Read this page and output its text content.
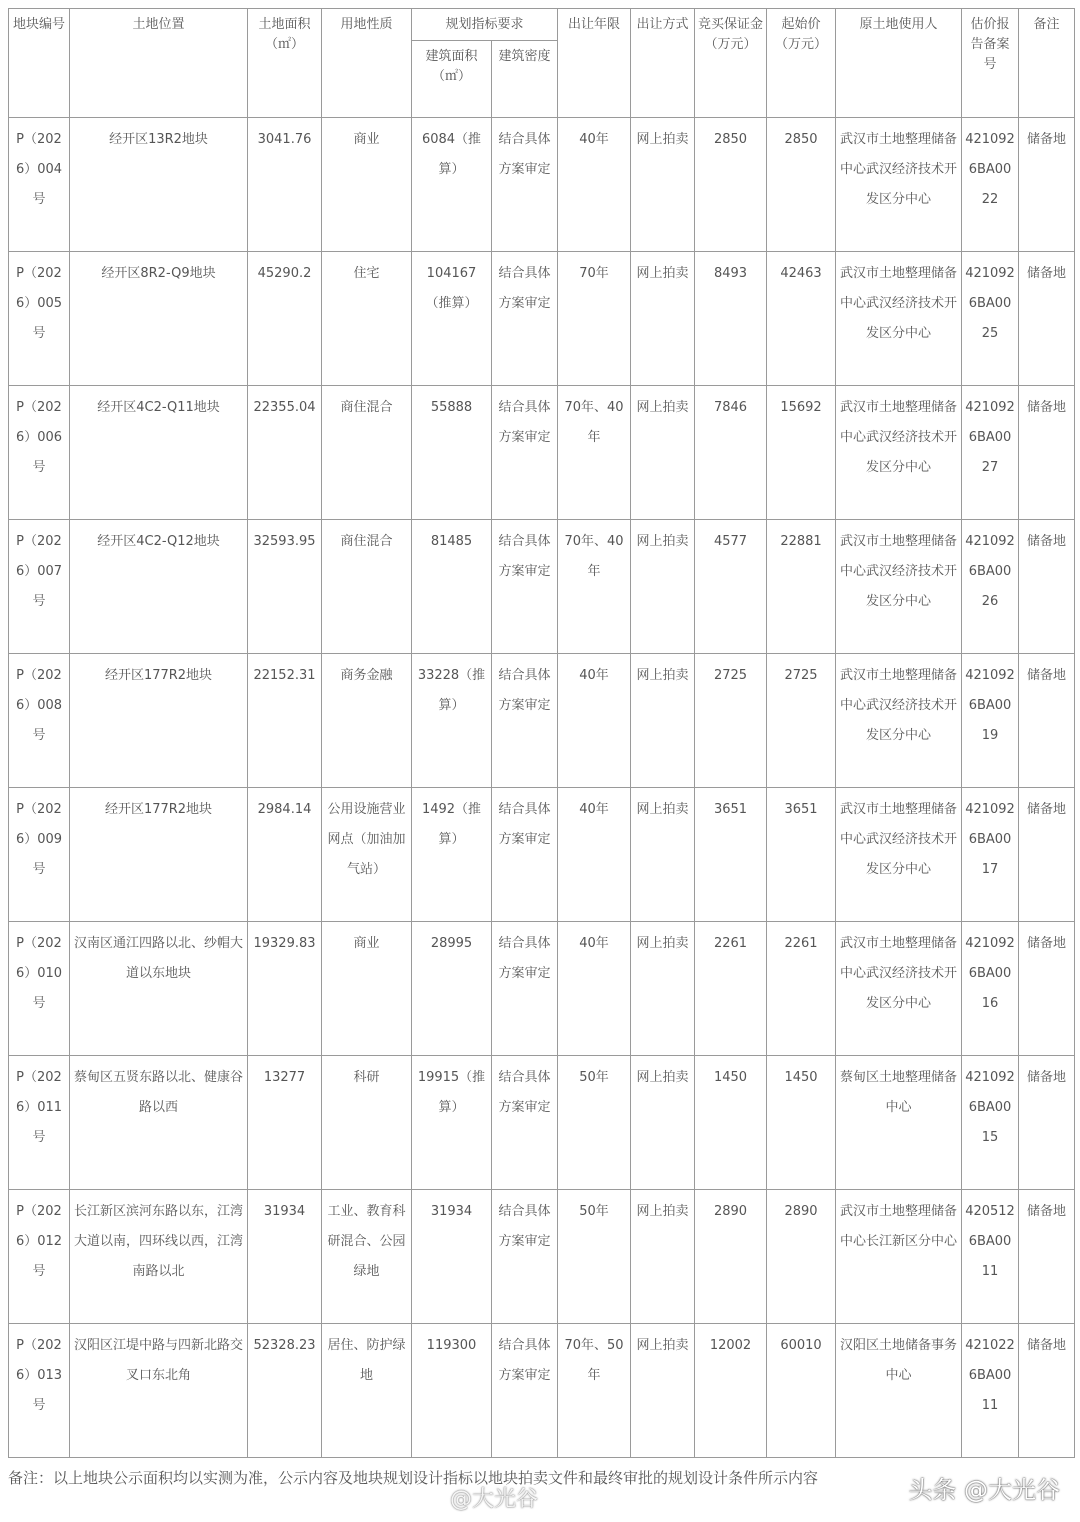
地块编号	土地位置	土地面积（㎡）	用地性质	规划指标要求		出让年限	出让方式	竞买保证金（万元）	起始价（万元）	原土地使用人	估价报告备案号	备注
				建筑面积（㎡）	建筑密度							
P（2026）004号	经开区13R2地块	3041.76	商业	6084（推算）	结合具体方案审定	40年	网上拍卖	2850	2850	武汉市土地整理储备中心武汉经济技术开发区分中心	4210926BA0022	储备地
P（2026）005号	经开区8R2-Q9地块	45290.2	住宅	104167（推算）	结合具体方案审定	70年	网上拍卖	8493	42463	武汉市土地整理储备中心武汉经济技术开发区分中心	4210926BA0025	储备地
P（2026）006号	经开区4C2-Q11地块	22355.04	商住混合	55888	结合具体方案审定	70年、40年	网上拍卖	7846	15692	武汉市土地整理储备中心武汉经济技术开发区分中心	4210926BA0027	储备地
P（2026）007号	经开区4C2-Q12地块	32593.95	商住混合	81485	结合具体方案审定	70年、40年	网上拍卖	4577	22881	武汉市土地整理储备中心武汉经济技术开发区分中心	4210926BA0026	储备地
P（2026）008号	经开区177R2地块	22152.31	商务金融	33228（推算）	结合具体方案审定	40年	网上拍卖	2725	2725	武汉市土地整理储备中心武汉经济技术开发区分中心	4210926BA0019	储备地
P（2026）009号	经开区177R2地块	2984.14	公用设施营业网点（加油加气站）	1492（推算）	结合具体方案审定	40年	网上拍卖	3651	3651	武汉市土地整理储备中心武汉经济技术开发区分中心	4210926BA0017	储备地
P（2026）010号	汉南区通江四路以北、纱帽大道以东地块	19329.83	商业	28995	结合具体方案审定	40年	网上拍卖	2261	2261	武汉市土地整理储备中心武汉经济技术开发区分中心	4210926BA0016	储备地
P（2026）011号	蔡甸区五贤东路以北、健康谷路以西	13277	科研	19915（推算）	结合具体方案审定	50年	网上拍卖	1450	1450	蔡甸区土地整理储备中心	4210926BA0015	储备地
P（2026）012号	长江新区滨河东路以东，江湾大道以南，四环线以西，江湾南路以北	31934	工业、教育科研混合、公园绿地	31934	结合具体方案审定	50年	网上拍卖	2890	2890	武汉市土地整理储备中心长江新区分中心	4205126BA0011	储备地
P（2026）013号	汉阳区江堤中路与四新北路交叉口东北角	52328.23	居住、防护绿地	119300	结合具体方案审定	70年、50年	网上拍卖	12002	60010	汉阳区土地储备事务中心	4210226BA0011	储备地
备注：以上地块公示面积均以实测为准，公示内容及地块规划设计指标以地块拍卖文件和最终审批的规划设计条件所示内容
@大光谷	头条 @大光谷
